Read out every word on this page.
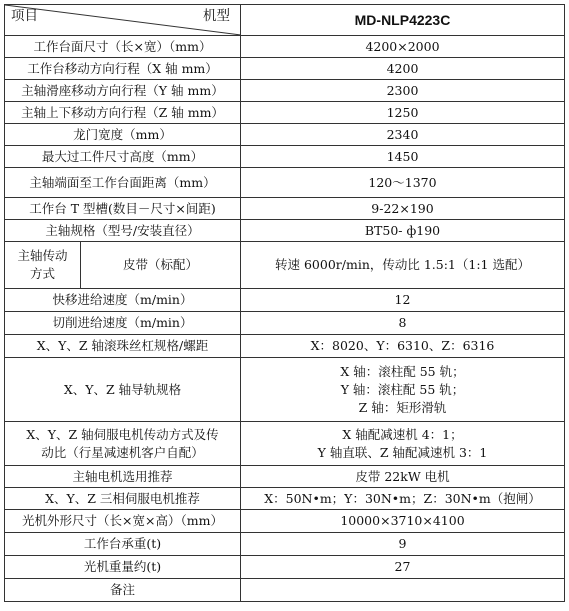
项目 机型		MD-NLP4223C
工作台面尺寸（长×宽）（mm）		4200×2000
工作台移动方向行程（X 轴 mm）		4200
主轴滑座移动方向行程（Y 轴 mm）		2300
主轴上下移动方向行程（Z 轴 mm）		1250
龙门宽度（mm）		2340
最大过工件尺寸高度（mm）		1450
主轴端面至工作台面距离（mm）		120～1370
工作台 T 型槽(数目－尺寸×间距)		9-22×190
主轴规格（型号/安装直径）		BT50- ф190
主轴传动
方式	皮带（标配）	转速 6000r/min，传动比 1.5:1（1:1 选配）
快移进给速度（m/min）		12
切削进给速度（m/min）		8
X、Y、Z 轴滚珠丝杠规格/螺距		X：8020、Y：6310、Z：6316
X、Y、Z 轴导轨规格		X 轴：滚柱配 55 轨；
Y 轴：滚柱配 55 轨；
Z 轴：矩形滑轨
X、Y、Z 轴伺服电机传动方式及传
动比（行星减速机客户自配）		X 轴配减速机 4：1；
Y 轴直联、Z 轴配减速机 3：1
主轴电机选用推荐		皮带 22kW 电机
X、Y、Z 三相伺服电机推荐		X：50N•m；Y：30N•m；Z：30N•m（抱闸）
光机外形尺寸（长×宽×高）（mm）		10000×3710×4100
工作台承重(t)		9
光机重量约(t)		27
备注		
